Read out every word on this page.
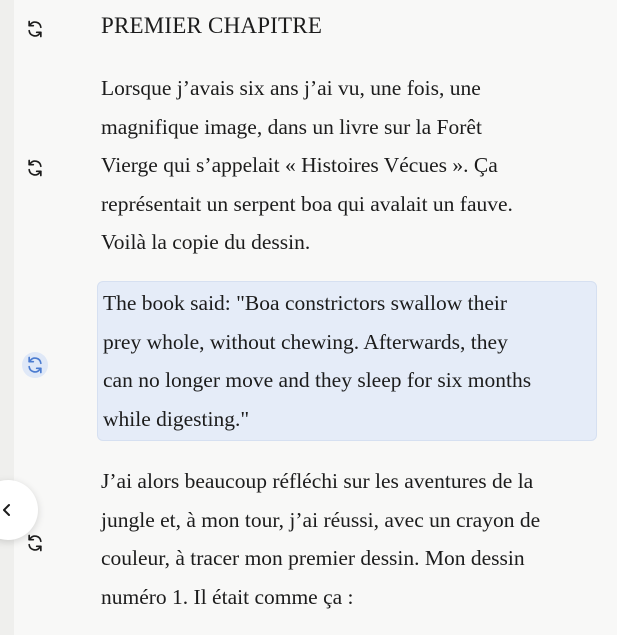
PREMIER CHAPITRE
Lorsque j’avais six ans j’ai vu, une fois, une
magnifique image, dans un livre sur la Forêt
Vierge qui s’appelait « Histoires Vécues ». Ça
représentait un serpent boa qui avalait un fauve.
Voilà la copie du dessin.
The book said: "Boa constrictors swallow their
prey whole, without chewing. Afterwards, they
can no longer move and they sleep for six months
while digesting."
J’ai alors beaucoup réfléchi sur les aventures de la
jungle et, à mon tour, j’ai réussi, avec un crayon de
couleur, à tracer mon premier dessin. Mon dessin
numéro 1. Il était comme ça :
